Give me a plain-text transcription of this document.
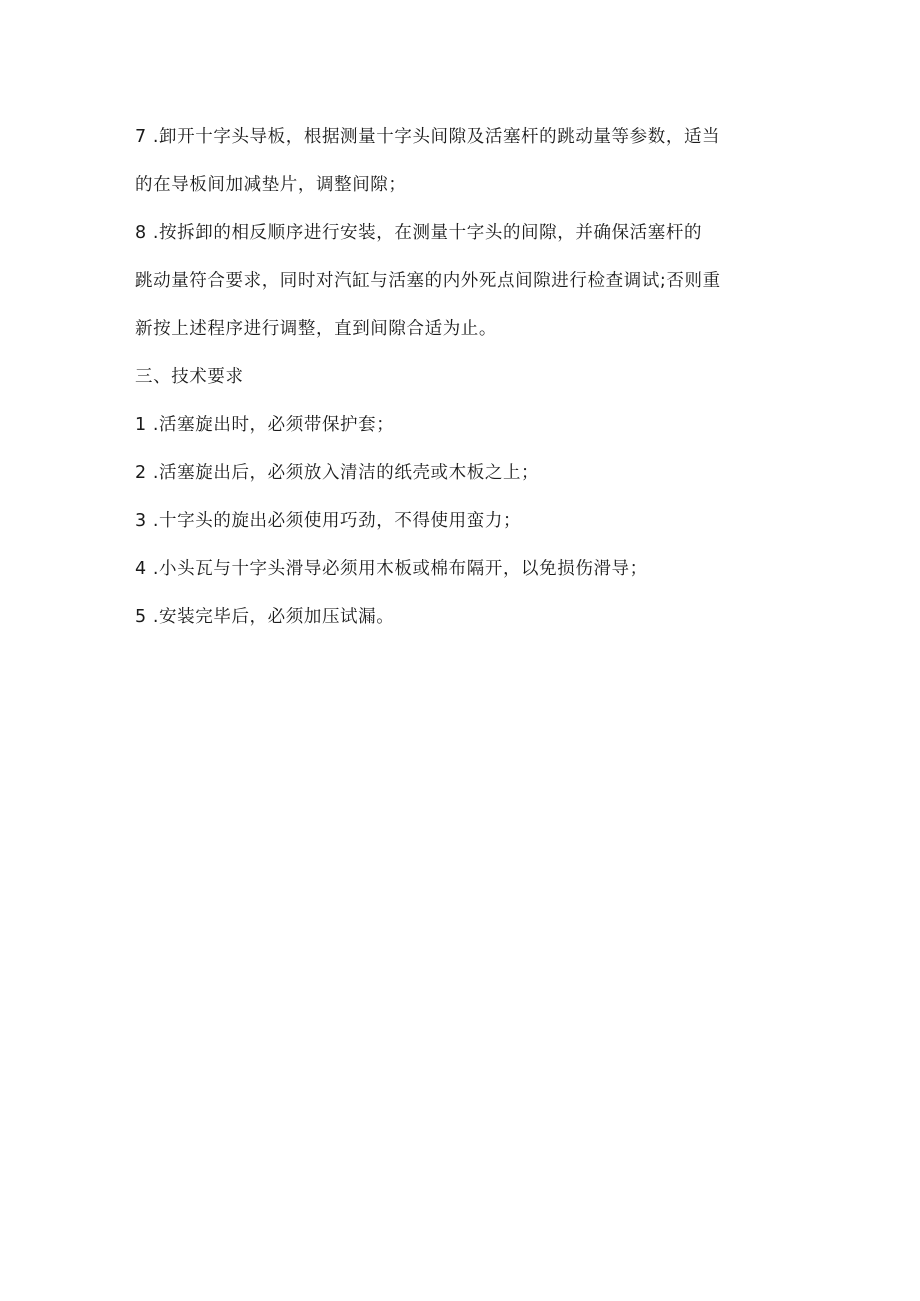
7 .卸开十字头导板，根据测量十字头间隙及活塞杆的跳动量等参数，适当
的在导板间加减垫片，调整间隙；
8 .按拆卸的相反顺序进行安装，在测量十字头的间隙，并确保活塞杆的
跳动量符合要求，同时对汽缸与活塞的内外死点间隙进行检查调试;否则重
新按上述程序进行调整，直到间隙合适为止。
三、技术要求
1 .活塞旋出时，必须带保护套；
2 .活塞旋出后，必须放入清洁的纸壳或木板之上；
3 .十字头的旋出必须使用巧劲，不得使用蛮力；
4 .小头瓦与十字头滑导必须用木板或棉布隔开，以免损伤滑导；
5 .安装完毕后，必须加压试漏。
